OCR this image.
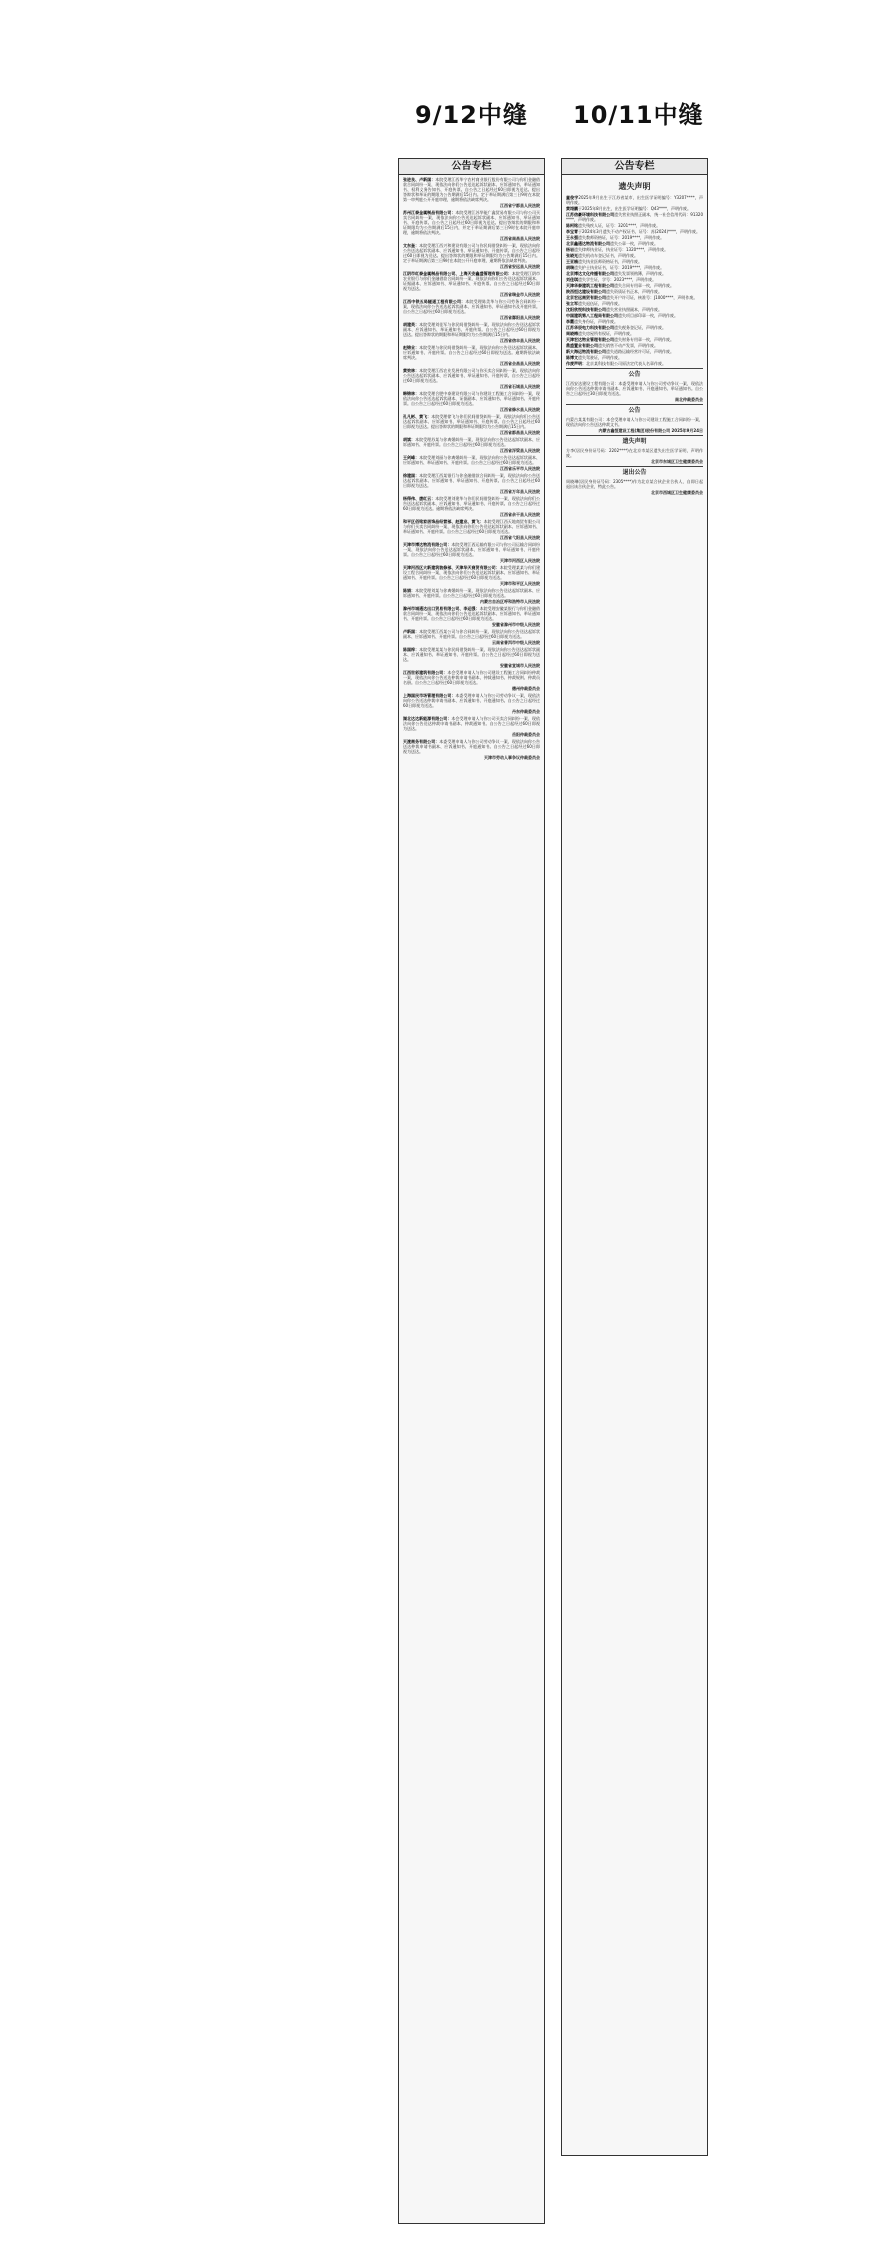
9/12中缝 10/11中缝
公告专栏
张进良、卢新国：本院受理江西华宁农村商业银行股份有限公司与你们金融借款合同纠纷一案，现依法向你们公告送达起诉状副本、应诉通知书、举证通知书、权利义务告知书、开庭传票。自公告之日起经过60日即视为送达。提出答辩状和举证的期限为公告期满后15日内。定于举证期满后第三日9时在本院第一审判庭公开开庭审理，逾期将依法缺席判决。
江西省宁都县人民法院
苏州江泰金属制品有限公司：本院受理江苏华能广鑫贸易有限公司与你公司买卖合同纠纷一案，现依法向你公告送达起诉状副本、应诉通知书、举证通知书、开庭传票。自公告之日起经过60日即视为送达。提出答辩状的期限和举证期限均为公告期满后15日内，并定于举证期满后第三日9时在本院开庭审理，逾期将依法判决。
江西省南昌县人民法院
文东奎：本院受理江西兴和建设有限公司与你民间借贷纠纷一案，现依法向你公告送达起诉状副本、应诉通知书、举证通知书、开庭传票。自公告之日起经过60日即视为送达。提出答辩状的期限和举证期限均为公告期满后15日内。定于举证期满后第三日9时在本院公开开庭审理，逾期将依法缺席判决。
江西省安远县人民法院
江阴市红泰金属制品有限公司、上海天安鑫盛管理有限公司：本院受理江阴市农业银行与你们金融借款合同纠纷一案，现依法向你们公告送达起诉状副本、证据副本、应诉通知书、举证通知书、开庭传票。自公告之日起经过60日即视为送达。
江西省瑞金市人民法院
江西中铁五局隧道工程有限公司：本院受理陈美华与你公司劳务合同纠纷一案，现依法向你公告送达起诉状副本、应诉通知书、举证通知书及开庭传票。自公告之日起经过60日即视为送达。
江西省鄱阳县人民法院
胡建英：本院受理刘佳军与你民间借贷纠纷一案，现依法向你公告送达起诉状副本、应诉通知书、举证通知书、开庭传票。自公告之日起经过60日即视为送达。提出答辩状的期限和举证期限均为公告期满后15日内。
江西省信丰县人民法院
赵锦业：本院受理与你民间借贷纠纷一案，现依法向你公告送达起诉状副本、应诉通知书、开庭传票。自公告之日起经过60日即视为送达。逾期将依法缺席判决。
江西省会昌县人民法院
黄效林：本院受理江西农业发展有限公司与你买卖合同纠纷一案，现依法向你公告送达起诉状副本、应诉通知书、举证通知书、开庭传票。自公告之日起经过60日即视为送达。
江西省石城县人民法院
韩锦林：本院受理合肥中泰建设有限公司与你建设工程施工合同纠纷一案，现依法向你公告送达起诉状副本、证据副本、应诉通知书、举证通知书、开庭传票。自公告之日起经过60日即视为送达。
江西省修水县人民法院
孔凡彬、黄飞：本院受理徐飞与你们民间借贷纠纷一案，现依法向你们公告送达起诉状副本、应诉通知书、举证通知书、开庭传票。自公告之日起经过60日即视为送达。提出答辩状的期限和举证期限均为公告期满后15日内。
江西省都昌县人民法院
胡斌：本院受理苏某与你离婚纠纷一案，现依法向你公告送达起诉状副本、应诉通知书、开庭传票。自公告之日起经过60日即视为送达。
江西省浮梁县人民法院
王剑峰：本院受理刘丽与你离婚纠纷一案，现依法向你公告送达起诉状副本、应诉通知书、举证通知书、开庭传票。自公告之日起经过60日即视为送达。
江西省乐平市人民法院
徐建国：本院受理江西某银行与你金融借款合同纠纷一案，现依法向你公告送达起诉状副本、应诉通知书、举证通知书、开庭传票。自公告之日起经过60日即视为送达。
江西省万年县人民法院
杨得伟、唐红云：本院受理刘建华与你们民间借贷纠纷一案，现依法向你们公告送达起诉状副本、应诉通知书、举证通知书、开庭传票。自公告之日起经过60日即视为送达。逾期将依法缺席判决。
江西省余干县人民法院
和平区佰铭家居饰品经营部、赵建业、黄飞：本院受理江西天地商贸有限公司与你们买卖合同纠纷一案，现依法向你们公告送达起诉状副本、应诉通知书、举证通知书、开庭传票。自公告之日起经过60日即视为送达。
江西省弋阳县人民法院
天津市博达物流有限公司：本院受理江西运输有限公司与你公司运输合同纠纷一案，现依法向你公告送达起诉状副本、应诉通知书、举证通知书、开庭传票。自公告之日起经过60日即视为送达。
天津市河西区人民法院
天津河西区大新建筑装修部、天津华天商贸有限公司：本院受理某某与你们建设工程合同纠纷一案，现依法向你们公告送达起诉状副本、应诉通知书、举证通知书、开庭传票。自公告之日起经过60日即视为送达。
天津市和平区人民法院
陈娟：本院受理刘某与你离婚纠纷一案，现依法向你公告送达起诉状副本、应诉通知书、开庭传票。自公告之日起经过60日即视为送达。
内蒙古自治区呼和浩特市人民法院
滁州市城通达出口贸易有限公司、李运强：本院受理安徽某银行与你们金融借款合同纠纷一案，现依法向你们公告送达起诉状副本、应诉通知书、举证通知书、开庭传票。自公告之日起经过60日即视为送达。
安徽省滁州市中级人民法院
卢新国：本院受理江西某公司与你合同纠纷一案，现依法向你公告送达起诉状副本、应诉通知书、开庭传票。自公告之日起经过60日即视为送达。
云南省普洱市中级人民法院
陈国梓：本院受理某某与你民间借贷纠纷一案，现依法向你公告送达起诉状副本、应诉通知书、举证通知书、开庭传票。自公告之日起经过60日即视为送达。
安徽省宣城市人民法院
江西世彩建筑有限公司：本会受理申请人与你公司建设工程施工合同纠纷仲裁一案，现依法向你公告送达仲裁申请书副本、仲裁通知书、仲裁规则、仲裁员名册。自公告之日起经过60日即视为送达。
德州仲裁委员会
上海国民市场管理有限公司：本委受理申请人与你公司劳动争议一案，现依法向你公告送达仲裁申请书副本、应诉通知书、开庭通知书。自公告之日起经过60日即视为送达。
丹东仲裁委员会
湖北达达新能源有限公司：本会受理申请人与你公司买卖合同纠纷一案，现依法向你公告送达仲裁申请书副本、仲裁通知书。自公告之日起经过60日即视为送达。
岳阳仲裁委员会
天渡商务有限公司：本委受理申请人与你公司劳动争议一案，现依法向你公告送达仲裁申请书副本、应诉通知书、开庭通知书。自公告之日起经过60日即视为送达。
天津市劳动人事争议仲裁委员会
公告专栏
遗失声明
童俊宇2025年9月出生于江苏省某市，出生医学证明编号：Y3207****，声明作废。
黄翊鹏于2025年8月出生，出生医学证明编号：Q43****，声明作废。
江苏信豪环境科技有限公司遗失营业执照正副本，统一社会信用代码：91320****，声明作废。
陈柯铭遗失残疾人证，证号：3201****，声明作废。
李宝青于2024年3月遗失不动产权证书，证号：苏(2024)****，声明作废。
王永强遗失教师资格证，证号：2019****，声明作废。
北京鑫通达物流有限公司遗失公章一枚，声明作废。
杨岩遗失律师执业证，执业证号：1320****，声明作废。
张晓光遗失机动车登记证书，声明作废。
王亚楠遗失执业医师资格证书，声明作废。
胡瑞遗失护士执业证书，证号：2019****，声明作废。
北京博达文化传播有限公司遗失发票领购簿，声明作废。
刘佳琪遗失学生证，学号：2023****，声明作废。
天津华泰建筑工程有限公司遗失合同专用章一枚，声明作废。
陕西恒达建设有限公司遗失资质证书正本，声明作废。
北京宏远商贸有限公司遗失开户许可证，核准号：J1000****，声明作废。
张立军遗失退伍证，声明作废。
沈阳欣悦科技有限公司遗失营业执照副本，声明作废。
中国建筑第八工程局有限公司遗失项目部印章一枚，声明作废。
李霞遗失身份证，声明作废。
江苏华辰电力科技有限公司遗失税务登记证，声明作废。
周晓梅遗失房屋所有权证，声明作废。
天津宏达物业管理有限公司遗失财务专用章一枚，声明作废。
鼎盛置业有限公司遗失销售不动产发票，声明作废。
新大海运物流有限公司遗失道路运输经营许可证，声明作废。
陈博文遗失驾驶证，声明作废。
作废声明：北京某科技有限公司原法定代表人名章作废。
公告
江西安达建设工程有限公司：本委受理申请人与你公司劳动争议一案，现依法向你公告送达仲裁申请书副本、应诉通知书、开庭通知书、举证通知书。自公告之日起经过30日即视为送达。
南北仲裁委员会
公告
内蒙古某某有限公司：本会受理申请人与你公司建设工程施工合同纠纷一案，现依法向你公告送达仲裁文书。
内蒙古鑫恒建设工程(集团)股份有限公司 2025年9月24日
遗失声明
方李(居民身份证号码：2202****)在北京市某区遗失出生医学证明，声明作废。
北京市东城区卫生健康委员会
退出公告
周晓琳(居民身份证号码：2305****)作为北京某合伙企业合伙人，自即日起退出该合伙企业，特此公告。
北京市西城区卫生健康委员会
